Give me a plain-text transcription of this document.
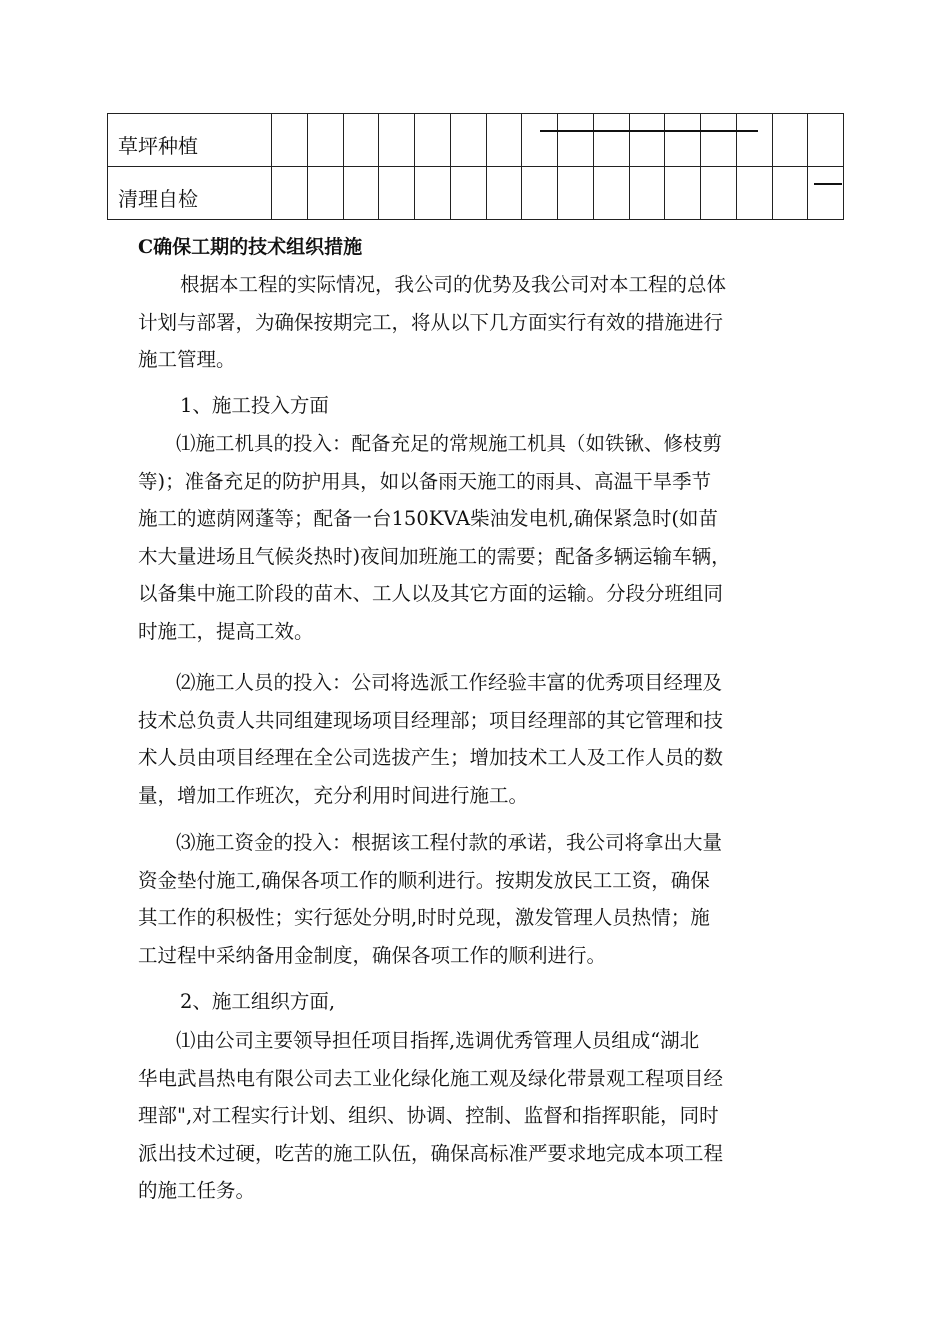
草坪种植																
清理自检																
C确保工期的技术组织措施
根据本工程的实际情况，我公司的优势及我公司对本工程的总体
计划与部署，为确保按期完工，将从以下几方面实行有效的措施进行
施工管理。
1、施工投入方面
⑴施工机具的投入：配备充足的常规施工机具（如铁锹、修枝剪
等)；准备充足的防护用具，如以备雨天施工的雨具、高温干旱季节
施工的遮荫网蓬等；配备一台150KVA柴油发电机,确保紧急时(如苗
木大量进场且气候炎热时)夜间加班施工的需要；配备多辆运输车辆，
以备集中施工阶段的苗木、工人以及其它方面的运输。分段分班组同
时施工，提高工效。
⑵施工人员的投入：公司将选派工作经验丰富的优秀项目经理及
技术总负责人共同组建现场项目经理部；项目经理部的其它管理和技
术人员由项目经理在全公司选拔产生；增加技术工人及工作人员的数
量，增加工作班次，充分利用时间进行施工。
⑶施工资金的投入：根据该工程付款的承诺，我公司将拿出大量
资金垫付施工,确保各项工作的顺利进行。按期发放民工工资，确保
其工作的积极性；实行惩处分明,时时兑现，激发管理人员热情；施
工过程中采纳备用金制度，确保各项工作的顺利进行。
2、施工组织方面,
⑴由公司主要领导担任项目指挥,选调优秀管理人员组成“湖北
华电武昌热电有限公司去工业化绿化施工观及绿化带景观工程项目经
理部",对工程实行计划、组织、协调、控制、监督和指挥职能，同时
派出技术过硬，吃苦的施工队伍，确保高标准严要求地完成本项工程
的施工任务。
